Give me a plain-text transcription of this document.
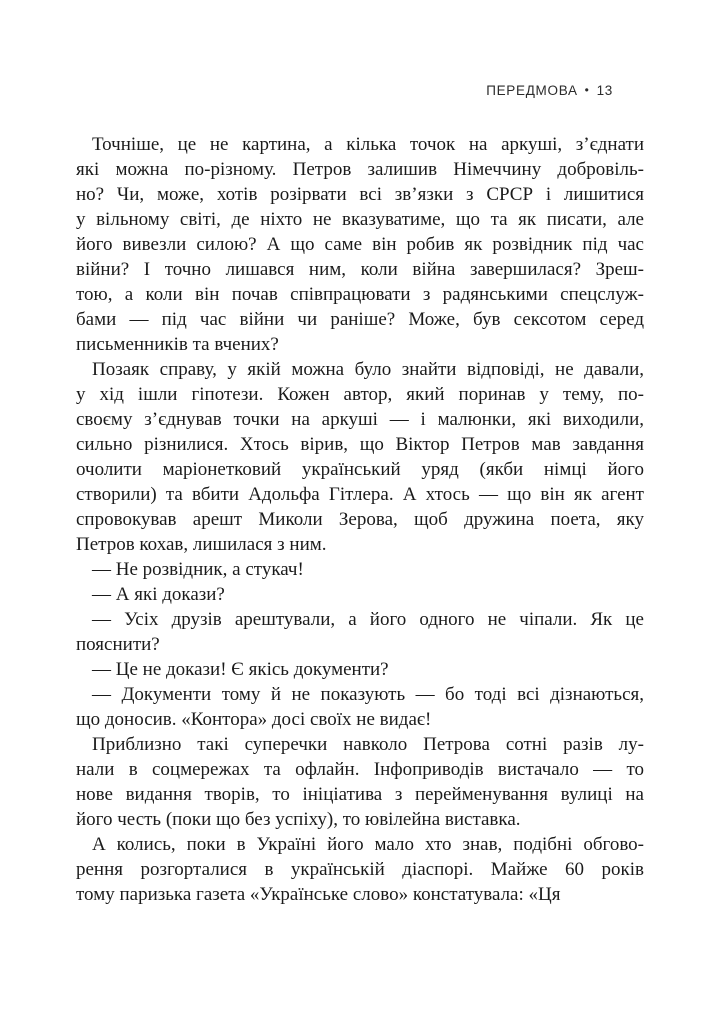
ПЕРЕДМОВА • 13
Точніше, це не картина, а кілька точок на аркуші, з’єднати
які можна по-різному. Петров залишив Німеччину добровіль-
но? Чи, може, хотів розірвати всі зв’язки з СРСР і лишитися
у вільному світі, де ніхто не вказуватиме, що та як писати, але
його вивезли силою? А що саме він робив як розвідник під час
війни? І точно лишався ним, коли війна завершилася? Зреш-
тою, а коли він почав співпрацювати з радянськими спецслуж-
бами — під час війни чи раніше? Може, був сексотом серед
письменників та вчених?
Позаяк справу, у якій можна було знайти відповіді, не давали,
у хід ішли гіпотези. Кожен автор, який поринав у тему, по-
своєму з’єднував точки на аркуші — і малюнки, які виходили,
сильно різнилися. Хтось вірив, що Віктор Петров мав завдання
очолити маріонетковий український уряд (якби німці його
створили) та вбити Адольфа Гітлера. А хтось — що він як агент
спровокував арешт Миколи Зерова, щоб дружина поета, яку
Петров кохав, лишилася з ним.
— Не розвідник, а стукач!
— А які докази?
— Усіх друзів арештували, а його одного не чіпали. Як це
пояснити?
— Це не докази! Є якісь документи?
— Документи тому й не показують — бо тоді всі дізнаються,
що доносив. «Контора» досі своїх не видає!
Приблизно такі суперечки навколо Петрова сотні разів лу-
нали в соцмережах та офлайн. Інфоприводів вистачало — то
нове видання творів, то ініціатива з перейменування вулиці на
його честь (поки що без успіху), то ювілейна виставка.
А колись, поки в Україні його мало хто знав, подібні обгово-
рення розгорталися в українській діаспорі. Майже 60 років
тому паризька газета «Українське слово» констатувала: «Ця
